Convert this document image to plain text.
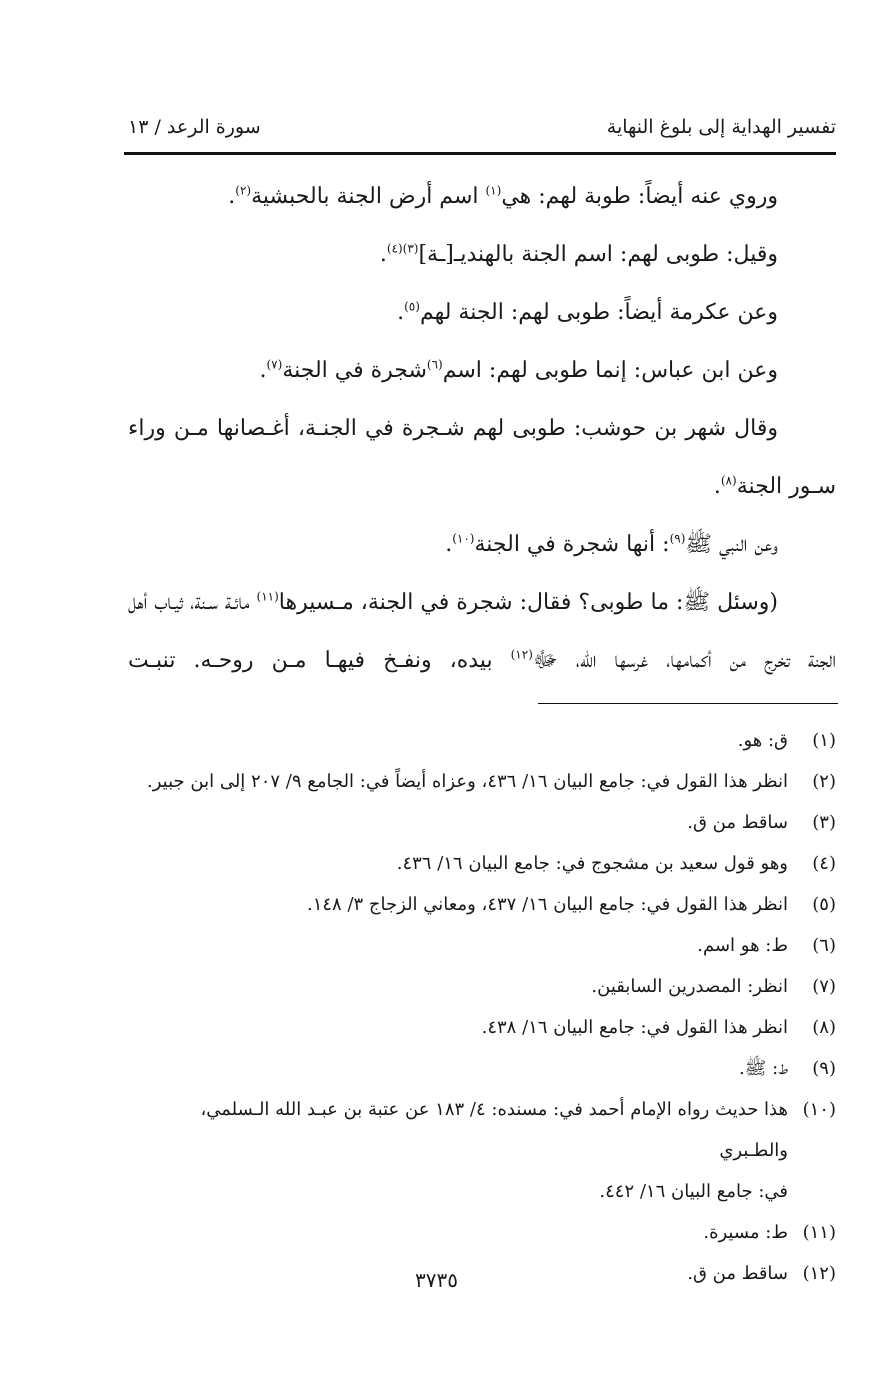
تفسير الهداية إلى بلوغ النهاية
سورة الرعد / ١٣

وروي عنه أيضاً: طوبة لهم: هي$^{(١)}$ اسم أرض الجنة بالحبشية$^{(٢)}$.

وقيل: طوبى لهم: اسم الجنة بالهنديـ[ـة]$^{(٣)(٤)}$.

وعن عكرمة أيضاً: طوبى لهم: الجنة لهم$^{(٥)}$.

وعن ابن عباس: إنما طوبى لهم: اسم$^{(٦)}$شجرة في الجنة$^{(٧)}$.

وقال شهر بن حوشب: طوبى لهم شـجرة في الجنـة، أغـصانها مـن وراء سـور الجنة$^{(٨)}$.

وعن النبي ﷺ$^{(٩)}$: أنها شجرة في الجنة$^{(١٠)}$.

(وسئل ﷺ: ما طوبى؟ فقال: شجرة في الجنة، مـسيرها$^{(١١)}$ مائـة سـنة، ثيـاب أهل الجنة تخرج من أكمامها، غرسها الله، ﷻ$^{(١٢)}$ بيده، ونفـخ فيهـا مـن روحـه. تنبـت

(١)
ق: هو.
(٢)
انظر هذا القول في: جامع البيان ١٦/ ٤٣٦، وعزاه أيضاً في: الجامع ٩/ ٢٠٧ إلى ابن جبير.
(٣)
ساقط من ق.
(٤)
وهو قول سعيد بن مشجوج في: جامع البيان ١٦/ ٤٣٦.
(٥)
انظر هذا القول في: جامع البيان ١٦/ ٤٣٧، ومعاني الزجاج ٣/ ١٤٨.
(٦)
ط: هو اسم.
(٧)
انظر: المصدرين السابقين.
(٨)
انظر هذا القول في: جامع البيان ١٦/ ٤٣٨.
(٩)
ط: ﷺ.
(١٠)
هذا حديث رواه الإمام أحمد في: مسنده: ٤/ ١٨٣ عن عتبة بن عبـد الله الـسلمي، والطـبري
في: جامع البيان ١٦/ ٤٤٢.
(١١)
ط: مسيرة.
(١٢)
ساقط من ق.
٣٧٣٥
